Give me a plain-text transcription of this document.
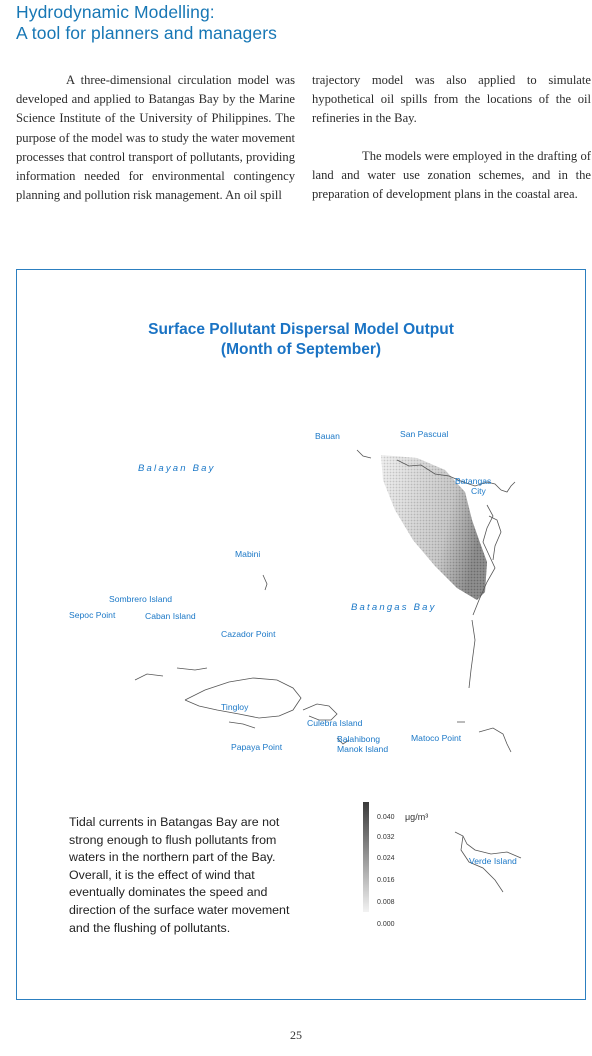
Hydrodynamic Modelling:
A tool for planners and managers
A three-dimensional circulation model was developed and applied to Batangas Bay by the Marine Science Institute of the University of Philippines. The purpose of the model was to study the water movement processes that control transport of pollutants, providing information needed for environmental contingency planning and pollution risk management. An oil spill

trajectory model was also applied to simulate hypothetical oil spills from the locations of the oil refineries in the Bay.

The models were employed in the drafting of land and water use zonation schemes, and in the preparation of development plans in the coastal area.

Surface Pollutant Dispersal Model Output
(Month of September)
Bauan	San Pascual
Balayan Bay
Batangas
City
Mabini
Sombrero Island
Sepoc Point	Caban Island
Batangas Bay
Cazador Point
Tingloy
Culebra Island
Balahibong
Manok Island
Matoco Point
Papaya Point
Verde Island
0.040 μg/m³
0.032
0.024
0.016
0.008
0.000
Tidal currents in Batangas Bay are not
strong enough to flush pollutants from
waters in the northern part of the Bay.
Overall, it is the effect of wind that
eventually dominates the speed and
direction of the surface water movement
and the flushing of pollutants.
25
